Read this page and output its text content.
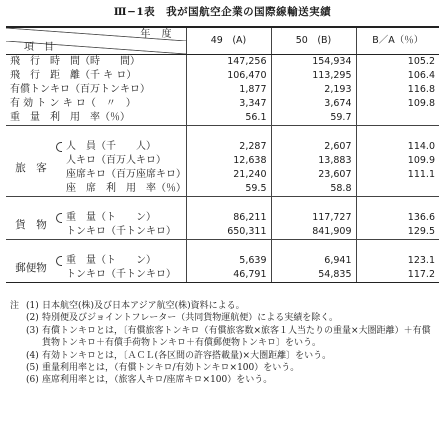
Ⅲ−1表　我が国航空企業の国際線輸送実績
年 度		49　(A)	50　(B)	B／A（％）
項　目				
飛　行　時　間（時　　間）		147,256	154,934	105.2
飛　行　距　離（千 キ ロ）		106,470	113,295	106.4
有償トンキロ（百万トンキロ）		1,877	2,193	116.8
有 効 ト ン キ ロ（　〃　）		3,347	3,674	109.8
重　量　利　用　率（％）		56.1	59.7	

旅　客	人　員（千　　人）	2,287	2,607	114.0
	人キロ（百万人キロ）	12,638	13,883	109.9
	座席キロ（百万座席キロ）	21,240	23,607	111.1
	座　席　利　用　率（％）	59.5	58.8	

貨　物	重　量（ト　　ン）	86,211	117,727	136.6
	トンキロ（千トンキロ）	650,311	841,909	129.5

郵便物	重　量（ト　　ン）	5,639	6,941	123.1
	トンキロ（千トンキロ）	46,791	54,835	117.2
注 (1) 日本航空(株)及び日本アジア航空(株)資料による。
(2) 特別便及びジョイントフレーター（共同貨物運航便）による実績を除く。
(3) 有償トンキロとは，〔有償旅客トンキロ（有償旅客数×旅客１人当たりの重量×大圏距離）＋有償貨物トンキロ＋有償手荷物トンキロ＋有償郵便物トンキロ〕をいう。
(4) 有効トンキロとは，〔ＡＣＬ(各区間の許容搭載量)×大圏距離〕をいう。
(5) 重量利用率とは，（有償トンキロ/有効トンキロ×100）をいう。
(6) 座席利用率とは，（旅客人キロ/座席キロ×100）をいう。
